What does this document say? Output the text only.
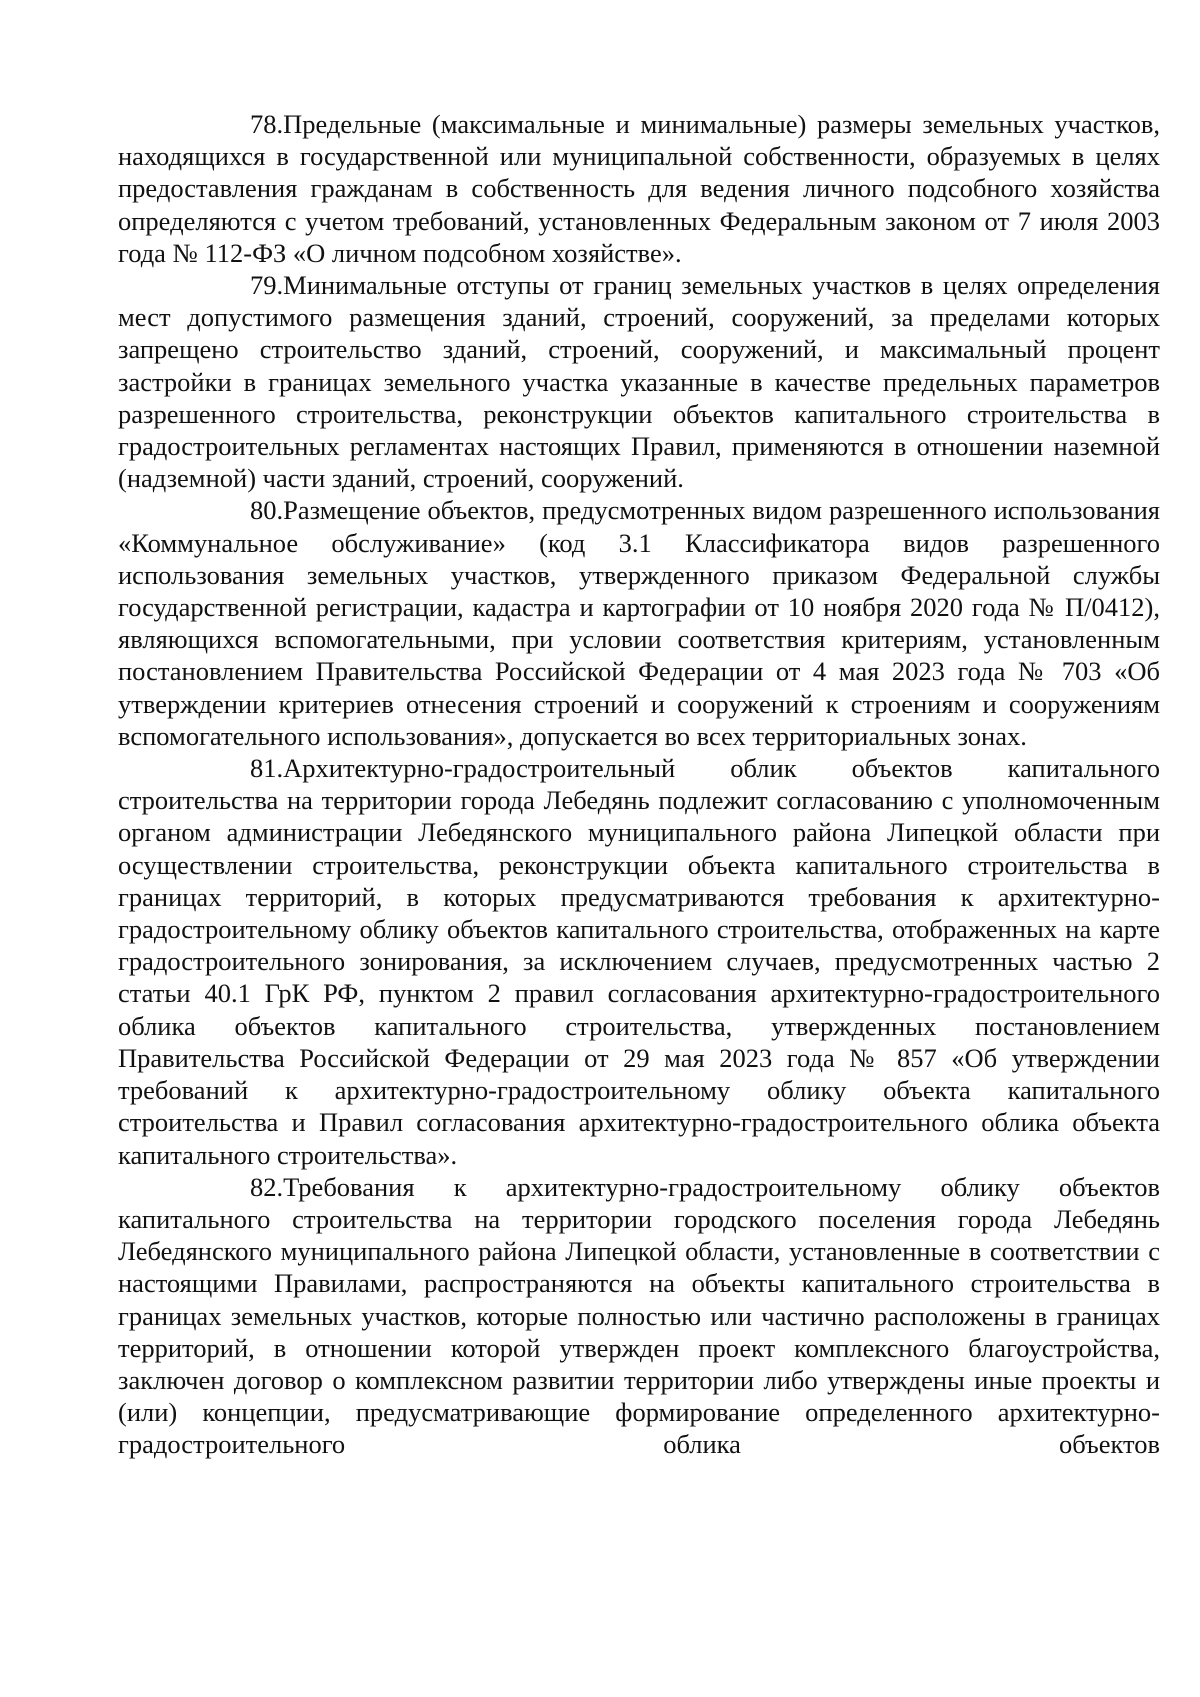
78.Предельные (максимальные и минимальные) размеры земельных участков, находящихся в государственной или муниципальной собственности, образуемых в целях предоставления гражданам в собственность для ведения личного подсобного хозяйства определяются с учетом требований, установленных Федеральным законом от 7 июля 2003 года № 112-ФЗ «О личном подсобном хозяйстве».

79.Минимальные отступы от границ земельных участков в целях определения мест допустимого размещения зданий, строений, сооружений, за пределами которых запрещено строительство зданий, строений, сооружений, и максимальный процент застройки в границах земельного участка указанные в качестве предельных параметров разрешенного строительства, реконструкции объектов капитального строительства в градостроительных регламентах настоящих Правил, применяются в отношении наземной (надземной) части зданий, строений, сооружений.

80.Размещение объектов, предусмотренных видом разрешенного использования «Коммунальное обслуживание» (код 3.1 Классификатора видов разрешенного использования земельных участков, утвержденного приказом Федеральной службы государственной регистрации, кадастра и картографии от 10 ноября 2020 года № П/0412), являющихся вспомогательными, при условии соответствия критериям, установленным постановлением Правительства Российской Федерации от 4 мая 2023 года № 703 «Об утверждении критериев отнесения строений и сооружений к строениям и сооружениям вспомогательного использования», допускается во всех территориальных зонах.

81.Архитектурно-градостроительный облик объектов капитального строительства на территории города Лебедянь подлежит согласованию с уполномоченным органом администрации Лебедянского муниципального района Липецкой области при осуществлении строительства, реконструкции объекта капитального строительства в границах территорий, в которых предусматриваются требования к архитектурно-градостроительному облику объектов капитального строительства, отображенных на карте градостроительного зонирования, за исключением случаев, предусмотренных частью 2 статьи 40.1 ГрК РФ, пунктом 2 правил согласования архитектурно-градостроительного облика объектов капитального строительства, утвержденных постановлением Правительства Российской Федерации от 29 мая 2023 года № 857 «Об утверждении требований к архитектурно-градостроительному облику объекта капитального строительства и Правил согласования архитектурно-градостроительного облика объекта капитального строительства».

82.Требования к архитектурно-градостроительному облику объектов капитального строительства на территории городского поселения города Лебедянь Лебедянского муниципального района Липецкой области, установленные в соответствии с настоящими Правилами, распространяются на объекты капитального строительства в границах земельных участков, которые полностью или частично расположены в границах территорий, в отношении которой утвержден проект комплексного благоустройства, заключен договор о комплексном развитии территории либо утверждены иные проекты и (или) концепции, предусматривающие формирование определенного архитектурно-градостроительного облика объектов
